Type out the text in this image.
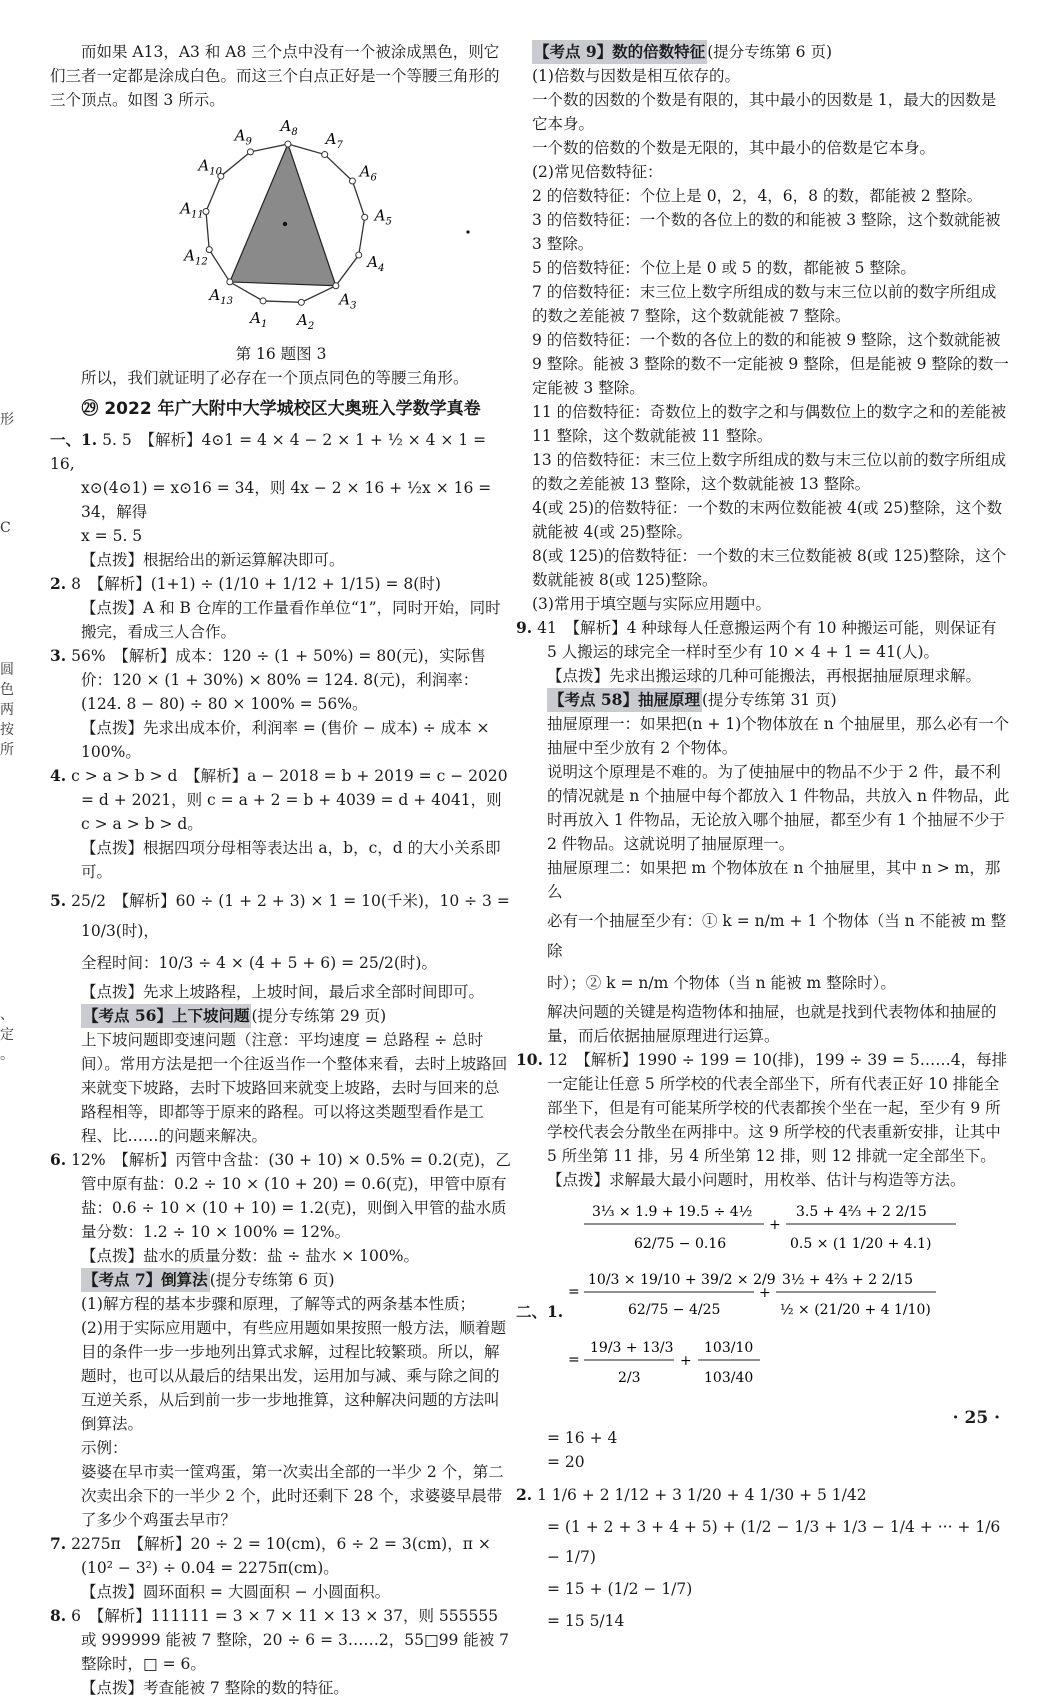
形
C
圆
色
两
按
所
、
定
。

而如果 A13，A3 和 A8 三个点中没有一个被涂成黑色，则它们三者一定都是涂成白色。而这三个白点正好是一个等腰三角形的三个顶点。如图 3 所示。

$A_8$ $A_7$
$A_6$
$A_5$
$A_4$
$A_3$
$A_2$
$A_1$
$A_{13}$
$A_{12}$
$A_{11}$
$A_{10}$
$A_9$
第 16 题图 3

所以，我们就证明了必存在一个顶点同色的等腰三角形。

㉙ 2022 年广大附中大学城校区大奥班入学数学真卷

一、1. 5. 5　【解析】4⊙1 = 4 × 4 − 2 × 1 + ½ × 4 × 1 = 16,

x⊙(4⊙1) = x⊙16 = 34，则 4x − 2 × 16 + ½x × 16 = 34，解得

x = 5. 5

【点拨】根据给出的新运算解决即可。

2. 8　【解析】(1+1) ÷ (1/10 + 1/12 + 1/15) = 8(时)

【点拨】A 和 B 仓库的工作量看作单位“1”，同时开始，同时搬完，看成三人合作。

3. 56%　【解析】成本：120 ÷ (1 + 50%) = 80(元)，实际售价：120 × (1 + 30%) × 80% = 124. 8(元)，利润率：(124. 8 − 80) ÷ 80 × 100% = 56%。

【点拨】先求出成本价，利润率 = (售价 − 成本) ÷ 成本 × 100%。

4. c > a > b > d　【解析】a − 2018 = b + 2019 = c − 2020 = d + 2021，则 c = a + 2 = b + 4039 = d + 4041，则 c > a > b > d。

【点拨】根据四项分母相等表达出 a，b，c，d 的大小关系即可。

5. 25/2　【解析】60 ÷ (1 + 2 + 3) × 1 = 10(千米)，10 ÷ 3 = 10/3(时)，

全程时间：10/3 ÷ 4 × (4 + 5 + 6) = 25/2(时)。

【点拨】先求上坡路程，上坡时间，最后求全部时间即可。

【考点 56】上下坡问题 (提分专练第 29 页)

上下坡问题即变速问题（注意：平均速度 = 总路程 ÷ 总时间）。常用方法是把一个往返当作一个整体来看，去时上坡路回来就变下坡路，去时下坡路回来就变上坡路，去时与回来的总路程相等，即都等于原来的路程。可以将这类题型看作是工程、比……的问题来解决。

6. 12%　【解析】丙管中含盐：(30 + 10) × 0.5% = 0.2(克)，乙管中原有盐：0.2 ÷ 10 × (10 + 20) = 0.6(克)，甲管中原有盐：0.6 ÷ 10 × (10 + 10) = 1.2(克)，则倒入甲管的盐水质量分数：1.2 ÷ 10 × 100% = 12%。

【点拨】盐水的质量分数：盐 ÷ 盐水 × 100%。

【考点 7】倒算法 (提分专练第 6 页)

(1)解方程的基本步骤和原理，了解等式的两条基本性质；

(2)用于实际应用题中，有些应用题如果按照一般方法，顺着题目的条件一步一步地列出算式求解，过程比较繁琐。所以，解题时，也可以从最后的结果出发，运用加与减、乘与除之间的互逆关系，从后到前一步一步地推算，这种解决问题的方法叫倒算法。

示例：

婆婆在早市卖一筐鸡蛋，第一次卖出全部的一半少 2 个，第二次卖出余下的一半少 2 个，此时还剩下 28 个，求婆婆早晨带了多少个鸡蛋去早市？

7. 2275π　【解析】20 ÷ 2 = 10(cm)，6 ÷ 2 = 3(cm)，π × (10² − 3²) ÷ 0.04 = 2275π(cm)。

【点拨】圆环面积 = 大圆面积 − 小圆面积。

8. 6　【解析】111111 = 3 × 7 × 11 × 13 × 37，则 555555 或 999999 能被 7 整除，20 ÷ 6 = 3……2，55□99 能被 7 整除时，□ = 6。

【点拨】考查能被 7 整除的数的特征。

【考点 9】数的倍数特征 (提分专练第 6 页)

(1)倍数与因数是相互依存的。

一个数的因数的个数是有限的，其中最小的因数是 1，最大的因数是它本身。

一个数的倍数的个数是无限的，其中最小的倍数是它本身。

(2)常见倍数特征：

2 的倍数特征：个位上是 0，2，4，6，8 的数，都能被 2 整除。

3 的倍数特征：一个数的各位上的数的和能被 3 整除，这个数就能被 3 整除。

5 的倍数特征：个位上是 0 或 5 的数，都能被 5 整除。

7 的倍数特征：末三位上数字所组成的数与末三位以前的数字所组成的数之差能被 7 整除，这个数就能被 7 整除。

9 的倍数特征：一个数的各位上的数的和能被 9 整除，这个数就能被 9 整除。能被 3 整除的数不一定能被 9 整除，但是能被 9 整除的数一定能被 3 整除。

11 的倍数特征：奇数位上的数字之和与偶数位上的数字之和的差能被 11 整除，这个数就能被 11 整除。

13 的倍数特征：末三位上数字所组成的数与末三位以前的数字所组成的数之差能被 13 整除，这个数就能被 13 整除。

4(或 25)的倍数特征：一个数的末两位数能被 4(或 25)整除，这个数就能被 4(或 25)整除。

8(或 125)的倍数特征：一个数的末三位数能被 8(或 125)整除，这个数就能被 8(或 125)整除。

(3)常用于填空题与实际应用题中。

9. 41　【解析】4 种球每人任意搬运两个有 10 种搬运可能，则保证有 5 人搬运的球完全一样时至少有 10 × 4 + 1 = 41(人)。

【点拨】先求出搬运球的几种可能搬法，再根据抽屉原理求解。

【考点 58】抽屉原理 (提分专练第 31 页)

抽屉原理一：如果把(n + 1)个物体放在 n 个抽屉里，那么必有一个抽屉中至少放有 2 个物体。

说明这个原理是不难的。为了使抽屉中的物品不少于 2 件，最不利的情况就是 n 个抽屉中每个都放入 1 件物品，共放入 n 件物品，此时再放入 1 件物品，无论放入哪个抽屉，都至少有 1 个抽屉不少于 2 件物品。这就说明了抽屉原理一。

抽屉原理二：如果把 m 个物体放在 n 个抽屉里，其中 n > m，那么

必有一个抽屉至少有：① k = n/m + 1 个物体（当 n 不能被 m 整除

时）；② k = n/m 个物体（当 n 能被 m 整除时）。

解决问题的关键是构造物体和抽屉，也就是找到代表物体和抽屉的量，而后依据抽屉原理进行运算。

10. 12　【解析】1990 ÷ 199 = 10(排)，199 ÷ 39 = 5……4，每排一定能让任意 5 所学校的代表全部坐下，所有代表正好 10 排能全部坐下，但是有可能某所学校的代表都挨个坐在一起，至少有 9 所学校代表会分散坐在两排中。这 9 所学校的代表重新安排，让其中 5 所坐第 11 排，另 4 所坐第 12 排，则 12 排就一定全部坐下。

【点拨】求解最大最小问题时，用枚举、估计与构造等方法。

二、1.
3⅓ × 1.9 + 19.5 ÷ 4½
62/75 − 0.16
+
3.5 + 4⅔ + 2 2/15
0.5 × (1 1/20 + 4.1)
=
10/3 × 19/10 + 39/2 × 2/9
62/75 − 4/25
+
3½ + 4⅔ + 2 2/15
½ × (21/20 + 4 1/10)
=
19/3 + 13/3
2/3
+
103/10
103/40

= 16 + 4

= 20

2. 1 1/6 + 2 1/12 + 3 1/20 + 4 1/30 + 5 1/42

= (1 + 2 + 3 + 4 + 5) + (1/2 − 1/3 + 1/3 − 1/4 + ··· + 1/6 − 1/7)

= 15 + (1/2 − 1/7)

= 15 5/14

· 25 ·
